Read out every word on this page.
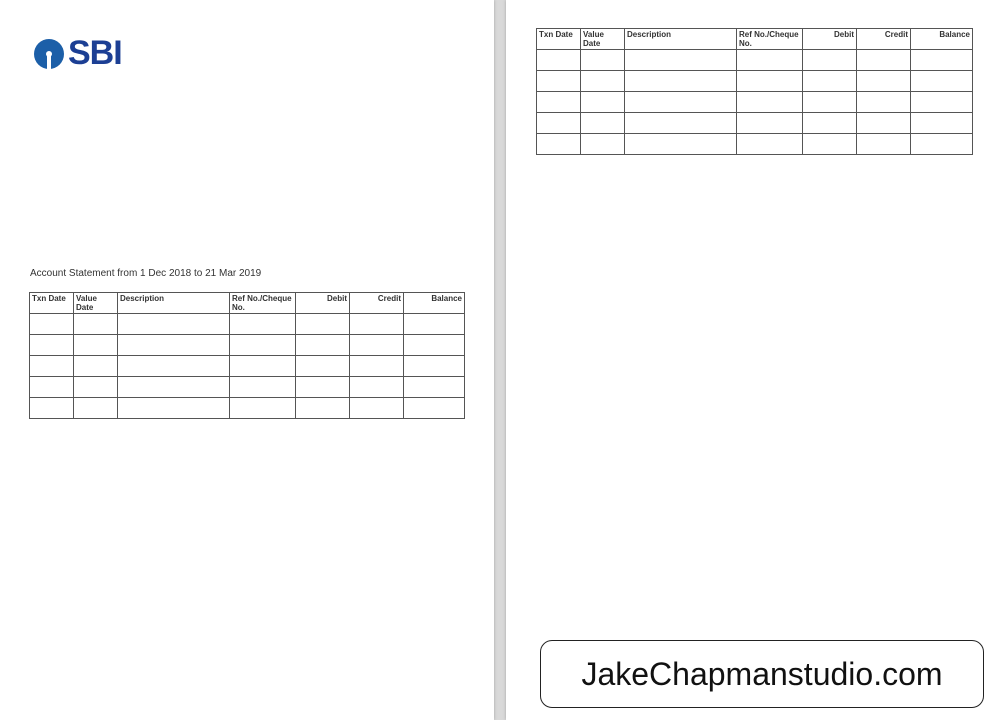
SBI
Account Statement from 1 Dec 2018 to 21 Mar 2019
Txn Date	Value Date	Description	Ref No./Cheque No.	Debit	Credit	Balance

Txn Date	Value Date	Description	Ref No./Cheque No.	Debit	Credit	Balance

JakeChapmanstudio.com
